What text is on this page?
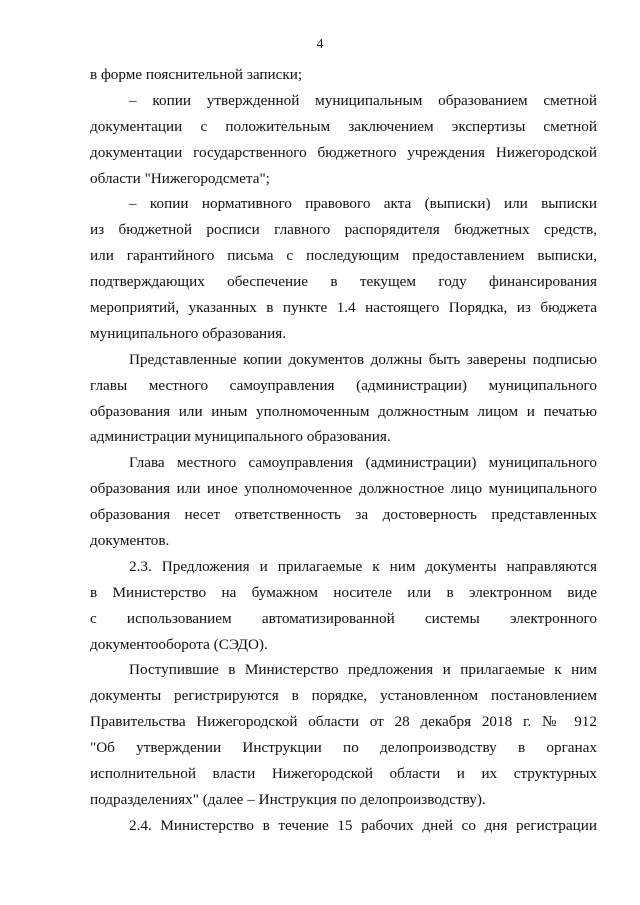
4
в форме пояснительной записки;
– копии утвержденной муниципальным образованием сметной
документации с положительным заключением экспертизы сметной
документации государственного бюджетного учреждения Нижегородской
области "Нижегородсмета";
– копии нормативного правового акта (выписки) или выписки
из бюджетной росписи главного распорядителя бюджетных средств,
или гарантийного письма с последующим предоставлением выписки,
подтверждающих обеспечение в текущем году финансирования
мероприятий, указанных в пункте 1.4 настоящего Порядка, из бюджета
муниципального образования.
Представленные копии документов должны быть заверены подписью
главы местного самоуправления (администрации) муниципального
образования или иным уполномоченным должностным лицом и печатью
администрации муниципального образования.
Глава местного самоуправления (администрации) муниципального
образования или иное уполномоченное должностное лицо муниципального
образования несет ответственность за достоверность представленных
документов.
2.3. Предложения и прилагаемые к ним документы направляются
в Министерство на бумажном носителе или в электронном виде
с использованием автоматизированной системы электронного
документооборота (СЭДО).
Поступившие в Министерство предложения и прилагаемые к ним
документы регистрируются в порядке, установленном постановлением
Правительства Нижегородской области от 28 декабря 2018 г. № 912
"Об утверждении Инструкции по делопроизводству в органах
исполнительной власти Нижегородской области и их структурных
подразделениях" (далее – Инструкция по делопроизводству).
2.4. Министерство в течение 15 рабочих дней со дня регистрации
